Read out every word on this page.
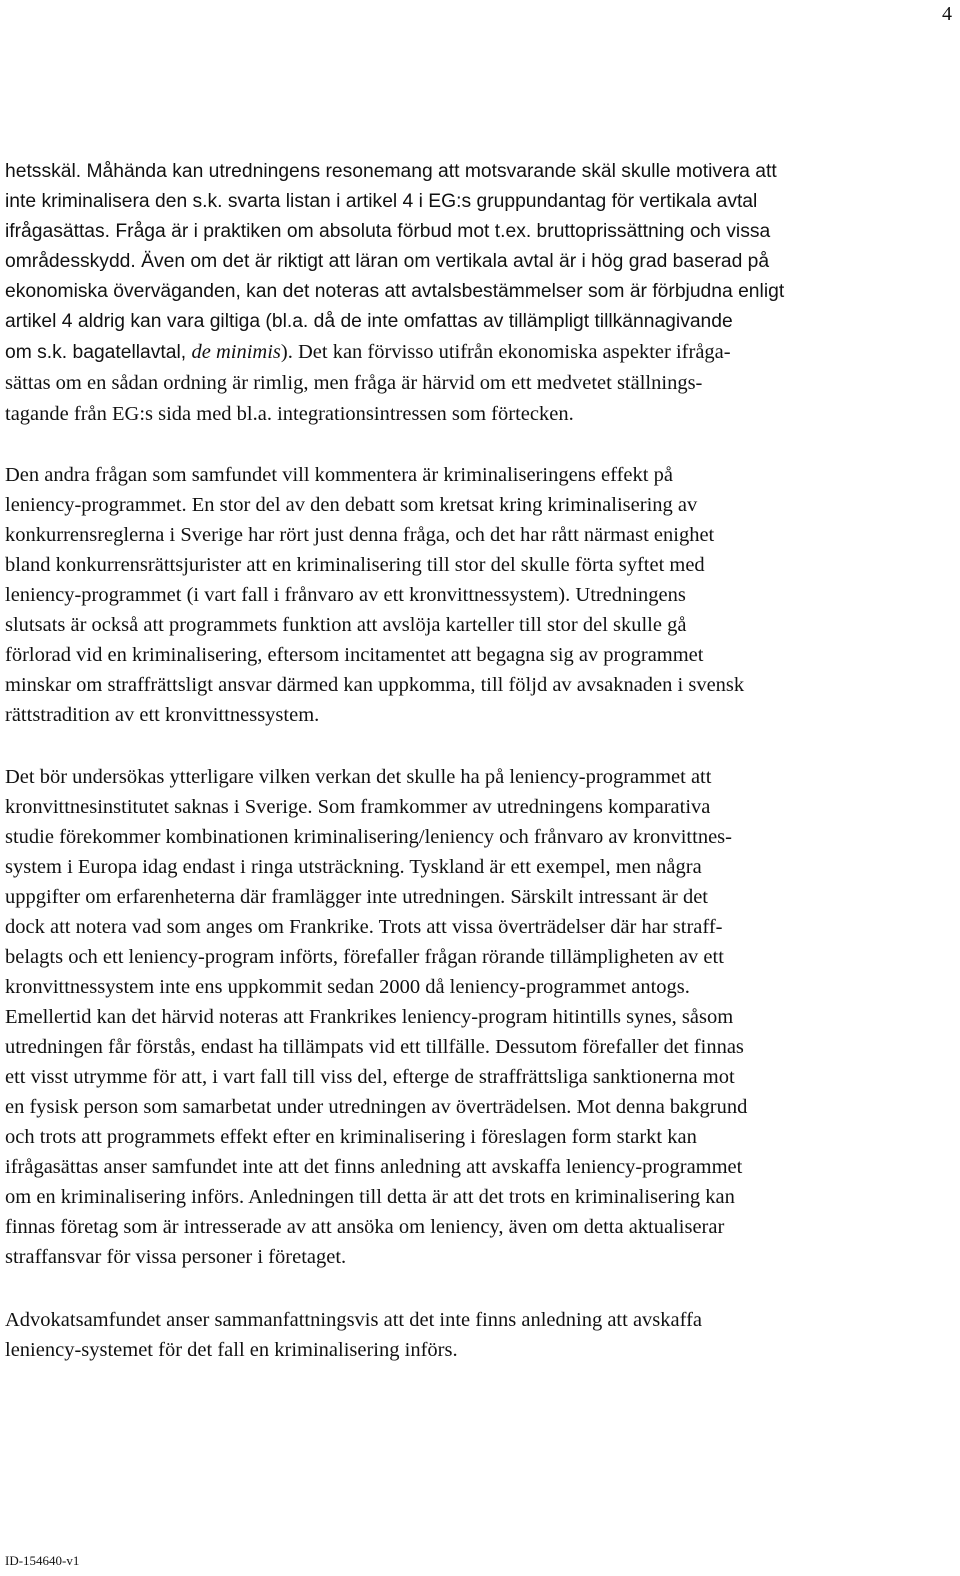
4

hetsskäl. Måhända kan utredningens resonemang att motsvarande skäl skulle motivera att
inte kriminalisera den s.k. svarta listan i artikel 4 i EG:s gruppundantag för vertikala avtal
ifrågasättas. Fråga är i praktiken om absoluta förbud mot t.ex. bruttoprissättning och vissa
områdesskydd. Även om det är riktigt att läran om vertikala avtal är i hög grad baserad på
ekonomiska överväganden, kan det noteras att avtalsbestämmelser som är förbjudna enligt
artikel 4 aldrig kan vara giltiga (bl.a. då de inte omfattas av tillämpligt tillkännagivande
om s.k. bagatellavtal, de minimis). Det kan förvisso utifrån ekonomiska aspekter ifråga-
sättas om en sådan ordning är rimlig, men fråga är härvid om ett medvetet ställnings-
tagande från EG:s sida med bl.a. integrationsintressen som förtecken.

Den andra frågan som samfundet vill kommentera är kriminaliseringens effekt på
leniency-programmet. En stor del av den debatt som kretsat kring kriminalisering av
konkurrensreglerna i Sverige har rört just denna fråga, och det har rått närmast enighet
bland konkurrensrättsjurister att en kriminalisering till stor del skulle förta syftet med
leniency-programmet (i vart fall i frånvaro av ett kronvittnessystem). Utredningens
slutsats är också att programmets funktion att avslöja karteller till stor del skulle gå
förlorad vid en kriminalisering, eftersom incitamentet att begagna sig av programmet
minskar om straffrättsligt ansvar därmed kan uppkomma, till följd av avsaknaden i svensk
rättstradition av ett kronvittnessystem.

Det bör undersökas ytterligare vilken verkan det skulle ha på leniency-programmet att
kronvittnesinstitutet saknas i Sverige. Som framkommer av utredningens komparativa
studie förekommer kombinationen kriminalisering/leniency och frånvaro av kronvittnes-
system i Europa idag endast i ringa utsträckning. Tyskland är ett exempel, men några
uppgifter om erfarenheterna där framlägger inte utredningen. Särskilt intressant är det
dock att notera vad som anges om Frankrike. Trots att vissa överträdelser där har straff-
belagts och ett leniency-program införts, förefaller frågan rörande tillämpligheten av ett
kronvittnessystem inte ens uppkommit sedan 2000 då leniency-programmet antogs.
Emellertid kan det härvid noteras att Frankrikes leniency-program hitintills synes, såsom
utredningen får förstås, endast ha tillämpats vid ett tillfälle. Dessutom förefaller det finnas
ett visst utrymme för att, i vart fall till viss del, efterge de straffrättsliga sanktionerna mot
en fysisk person som samarbetat under utredningen av överträdelsen. Mot denna bakgrund
och trots att programmets effekt efter en kriminalisering i föreslagen form starkt kan
ifrågasättas anser samfundet inte att det finns anledning att avskaffa leniency-programmet
om en kriminalisering införs. Anledningen till detta är att det trots en kriminalisering kan
finnas företag som är intresserade av att ansöka om leniency, även om detta aktualiserar
straffansvar för vissa personer i företaget.

Advokatsamfundet anser sammanfattningsvis att det inte finns anledning att avskaffa
leniency-systemet för det fall en kriminalisering införs.

ID-154640-v1
